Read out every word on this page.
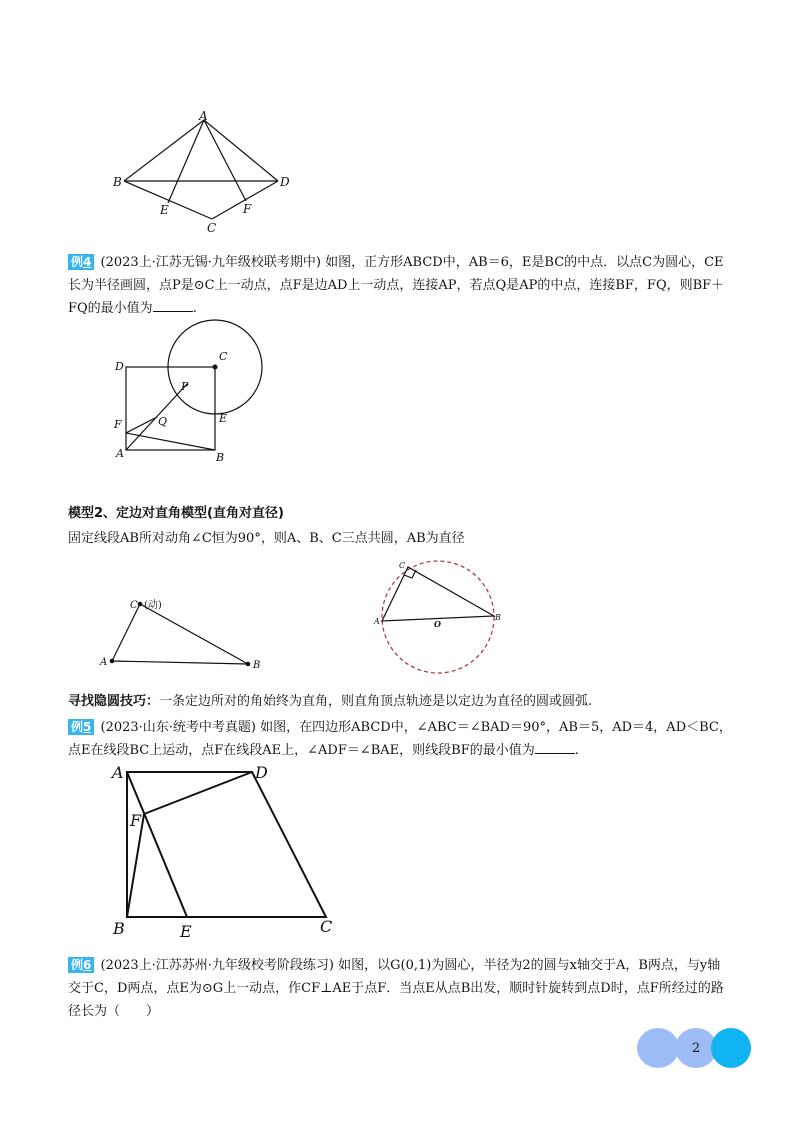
A
B	D
E	F
C
例4 (2023上·江苏无锡·九年级校联考期中) 如图，正方形ABCD中，AB＝6，E是BC的中点．以点C为圆心，CE长为半径画圆，点P是⊙C上一动点，点F是边AD上一动点，连接AP，若点Q是AP的中点，连接BF，FQ，则BF＋FQ的最小值为	.
D
C
P
E
F	Q
A	B
模型2、定边对直角模型(直角对直径)
固定线段AB所对动角∠C恒为90°，则A、B、C三点共圆，AB为直径
C (动)
A	B
C
A	O
B
寻找隐圆技巧：一条定边所对的角始终为直角，则直角顶点轨迹是以定边为直径的圆或圆弧.
例5 (2023·山东·统考中考真题) 如图，在四边形ABCD中，∠ABC＝∠BAD＝90°，AB＝5，AD＝4，AD＜BC，点E在线段BC上运动，点F在线段AE上，∠ADF＝∠BAE，则线段BF的最小值为	.
A	D
F
B	E	C
例6 (2023上·江苏苏州·九年级校考阶段练习) 如图，以G(0,1)为圆心，半径为2的圆与x轴交于A，B两点，与y轴交于C，D两点，点E为⊙G上一动点，作CF⊥AE于点F．当点E从点B出发，顺时针旋转到点D时，点F所经过的路径长为（　　）
2
